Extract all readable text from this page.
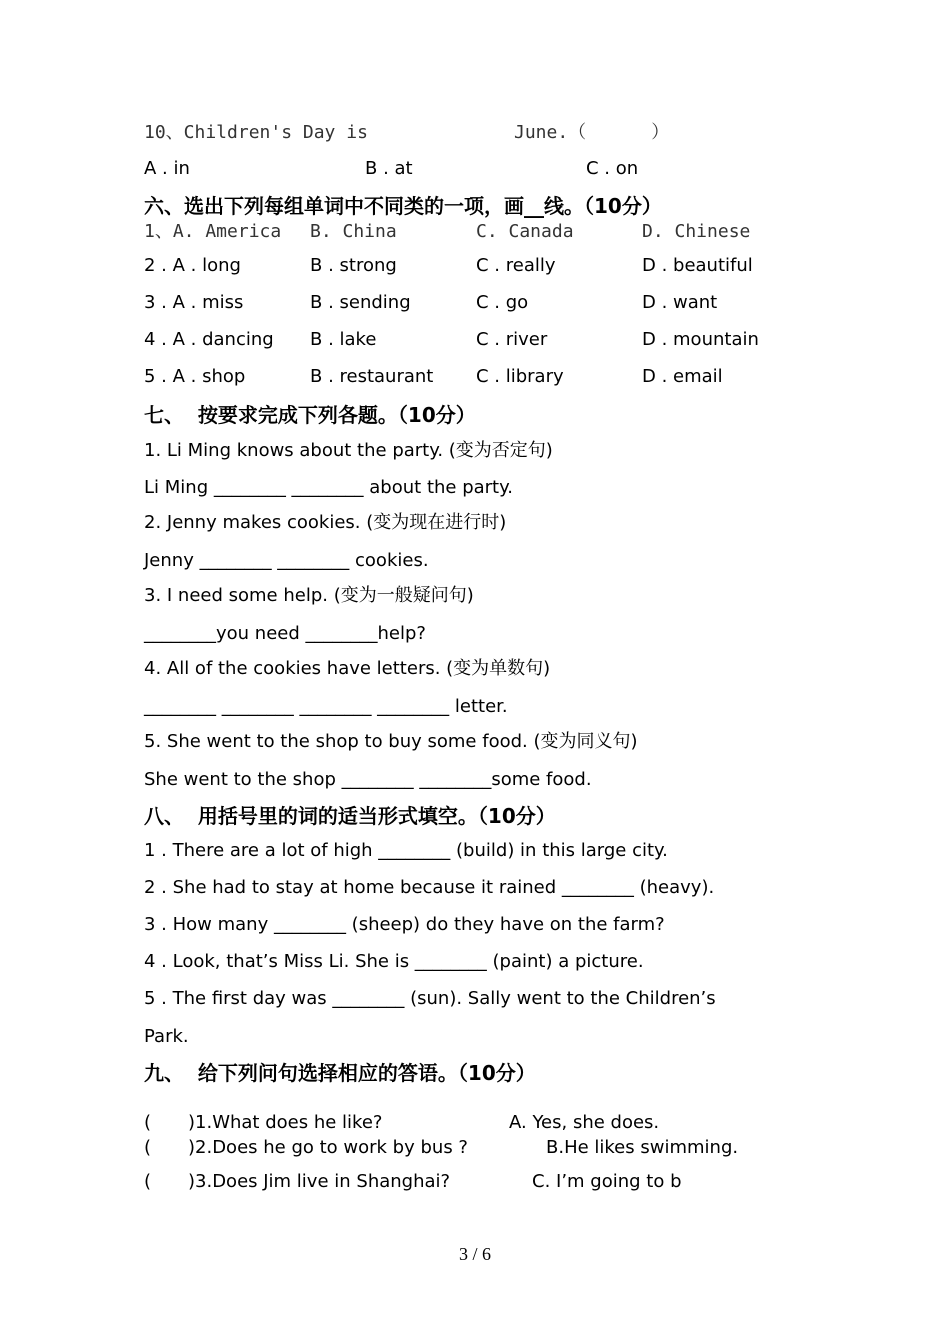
10、Children's Day is	June.（      ）
A . in	B . at	C . on
六、选出下列每组单词中不同类的一项，画__线。（10分）
1、A. America B. China	C. Canada	D. Chinese
2 . A . long	B . strong	C . really	D . beautiful
3 . A . miss	B . sending	C . go	D . want
4 . A . dancing B . lake	C . river	D . mountain
5 . A . shop	B . restaurant C . library	D . email
七、  按要求完成下列各题。（10分）
1. Li Ming knows about the party. (变为否定句)
Li Ming ________ ________ about the party.
2. Jenny makes cookies. (变为现在进行时)
Jenny ________ ________ cookies.
3. I need some help. (变为一般疑问句)
________you need ________help?
4. All of the cookies have letters. (变为单数句)
________ ________ ________ ________ letter.
5. She went to the shop to buy some food. (变为同义句)
She went to the shop ________ ________some food.
八、  用括号里的词的适当形式填空。（10分）
1 . There are a lot of high ________ (build) in this large city.
2 . She had to stay at home because it rained ________ (heavy).
3 . How many ________ (sheep) do they have on the farm?
4 . Look, that’s Miss Li. She is ________ (paint) a picture.
5 . The first day was ________ (sun). Sally went to the Children’s
Park.
九、  给下列问句选择相应的答语。（10分）
( )1.What does he like?	A. Yes, she does.
( )2.Does he go to work by bus ?	B.He likes swimming.
( )3.Does Jim live in Shanghai?	C. I’m going to b
3 / 6
